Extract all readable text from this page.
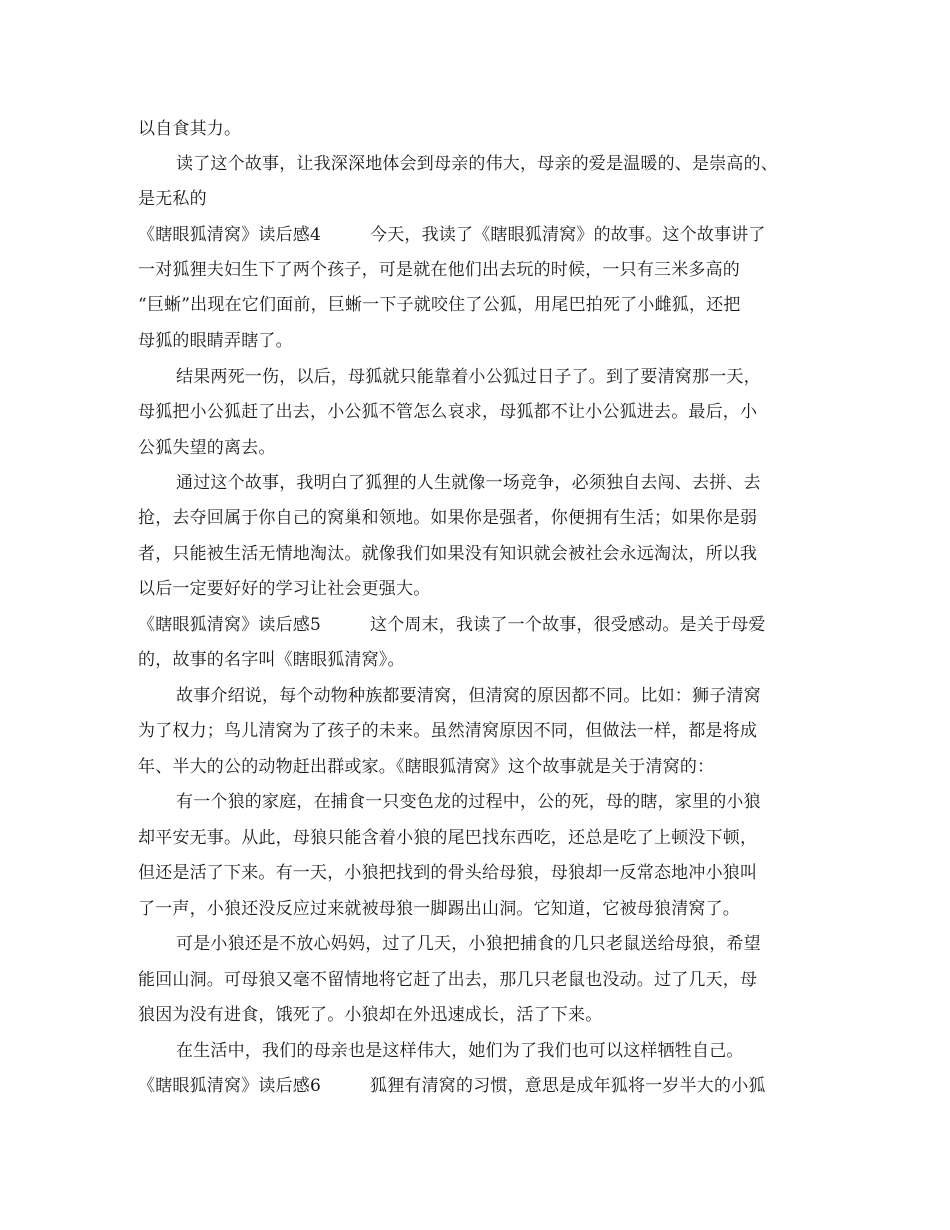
以自食其力。
读了这个故事，让我深深地体会到母亲的伟大，母亲的爱是温暖的、是崇高的、
是无私的
《瞎眼狐清窝》读后感4	今天，我读了《瞎眼狐清窝》的故事。这个故事讲了
一对狐狸夫妇生下了两个孩子，可是就在他们出去玩的时候，一只有三米多高的
“巨蜥”出现在它们面前，巨蜥一下子就咬住了公狐，用尾巴拍死了小雌狐，还把
母狐的眼睛弄瞎了。
结果两死一伤，以后，母狐就只能靠着小公狐过日子了。到了要清窝那一天，
母狐把小公狐赶了出去，小公狐不管怎么哀求，母狐都不让小公狐进去。最后，小
公狐失望的离去。
通过这个故事，我明白了狐狸的人生就像一场竞争，必须独自去闯、去拼、去
抢，去夺回属于你自己的窝巢和领地。如果你是强者，你便拥有生活；如果你是弱
者，只能被生活无情地淘汰。就像我们如果没有知识就会被社会永远淘汰，所以我
以后一定要好好的学习让社会更强大。
《瞎眼狐清窝》读后感5	这个周末，我读了一个故事，很受感动。是关于母爱
的，故事的名字叫《瞎眼狐清窝》。
故事介绍说，每个动物种族都要清窝，但清窝的原因都不同。比如：狮子清窝
为了权力；鸟儿清窝为了孩子的未来。虽然清窝原因不同，但做法一样，都是将成
年、半大的公的动物赶出群或家。《瞎眼狐清窝》这个故事就是关于清窝的：
有一个狼的家庭，在捕食一只变色龙的过程中，公的死，母的瞎，家里的小狼
却平安无事。从此，母狼只能含着小狼的尾巴找东西吃，还总是吃了上顿没下顿，
但还是活了下来。有一天，小狼把找到的骨头给母狼，母狼却一反常态地冲小狼叫
了一声，小狼还没反应过来就被母狼一脚踢出山洞。它知道，它被母狼清窝了。
可是小狼还是不放心妈妈，过了几天，小狼把捕食的几只老鼠送给母狼，希望
能回山洞。可母狼又毫不留情地将它赶了出去，那几只老鼠也没动。过了几天，母
狼因为没有进食，饿死了。小狼却在外迅速成长，活了下来。
在生活中，我们的母亲也是这样伟大，她们为了我们也可以这样牺牲自己。
《瞎眼狐清窝》读后感6	狐狸有清窝的习惯，意思是成年狐将一岁半大的小狐
